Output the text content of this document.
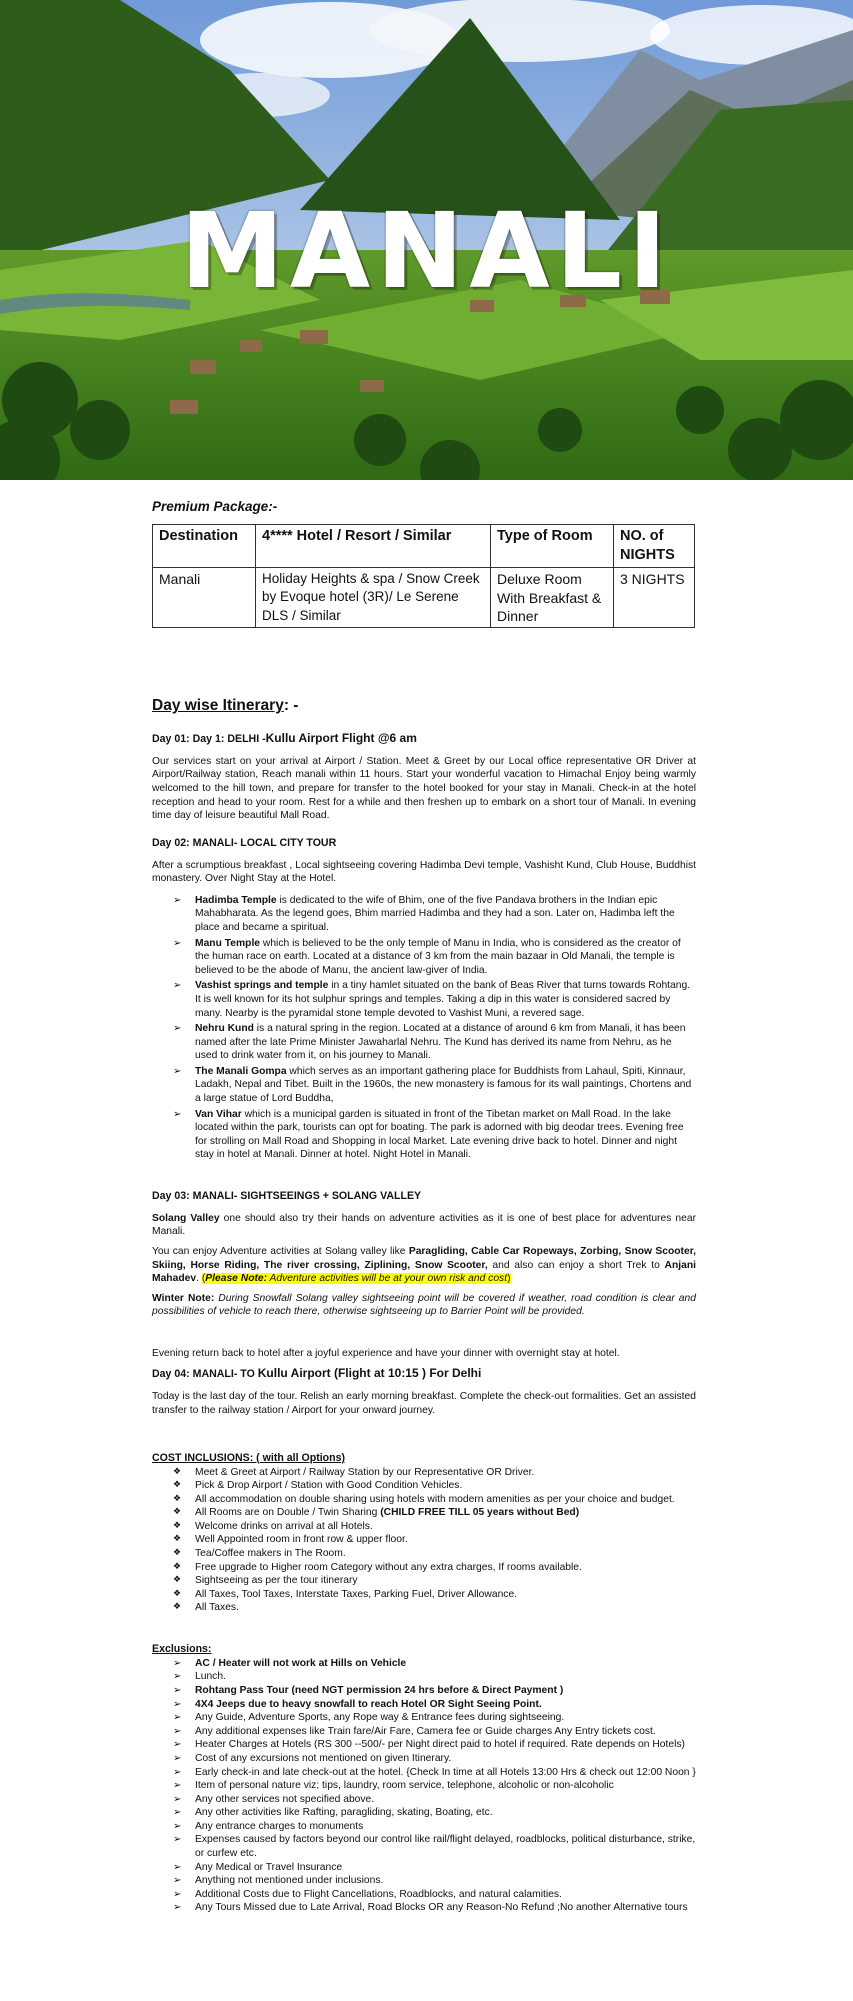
MANALI
Premium Package:-
Destination	4**** Hotel / Resort / Similar	Type of Room	NO. of NIGHTS
Manali	Holiday Heights & spa / Snow Creek by Evoque hotel (3R)/ Le Serene DLS / Similar	Deluxe Room With Breakfast & Dinner	3 NIGHTS
Day wise Itinerary: -
Day 01: Day 1: DELHI -Kullu Airport Flight @6 am

Our services start on your arrival at Airport / Station. Meet & Greet by our Local office representative OR Driver at Airport/Railway station, Reach manali within 11 hours. Start your wonderful vacation to Himachal Enjoy being warmly welcomed to the hill town, and prepare for transfer to the hotel booked for your stay in Manali. Check-in at the hotel reception and head to your room. Rest for a while and then freshen up to embark on a short tour of Manali. In evening time day of leisure beautiful Mall Road.

Day 02: MANALI- LOCAL CITY TOUR

After a scrumptious breakfast , Local sightseeing covering Hadimba Devi temple, Vashisht Kund, Club House, Buddhist monastery. Over Night Stay at the Hotel.

➢ Hadimba Temple is dedicated to the wife of Bhim, one of the five Pandava brothers in the Indian epic Mahabharata. As the legend goes, Bhim married Hadimba and they had a son. Later on, Hadimba left the place and became a spiritual.
➢ Manu Temple which is believed to be the only temple of Manu in India, who is considered as the creator of the human race on earth. Located at a distance of 3 km from the main bazaar in Old Manali, the temple is believed to be the abode of Manu, the ancient law-giver of India.
➢ Vashist springs and temple in a tiny hamlet situated on the bank of Beas River that turns towards Rohtang. It is well known for its hot sulphur springs and temples. Taking a dip in this water is considered sacred by many. Nearby is the pyramidal stone temple devoted to Vashist Muni, a revered sage.
➢ Nehru Kund is a natural spring in the region. Located at a distance of around 6 km from Manali, it has been named after the late Prime Minister Jawaharlal Nehru. The Kund has derived its name from Nehru, as he used to drink water from it, on his journey to Manali.
➢ The Manali Gompa which serves as an important gathering place for Buddhists from Lahaul, Spiti, Kinnaur, Ladakh, Nepal and Tibet. Built in the 1960s, the new monastery is famous for its wall paintings, Chortens and a large statue of Lord Buddha,
➢ Van Vihar which is a municipal garden is situated in front of the Tibetan market on Mall Road. In the lake located within the park, tourists can opt for boating. The park is adorned with big deodar trees. Evening free for strolling on Mall Road and Shopping in local Market. Late evening drive back to hotel. Dinner and night stay in hotel at Manali. Dinner at hotel. Night Hotel in Manali.
Day 03: MANALI- SIGHTSEEINGS + SOLANG VALLEY

Solang Valley one should also try their hands on adventure activities as it is one of best place for adventures near Manali.

You can enjoy Adventure activities at Solang valley like Paragliding, Cable Car Ropeways, Zorbing, Snow Scooter, Skiing, Horse Riding, The river crossing, Ziplining, Snow Scooter, and also can enjoy a short Trek to Anjani Mahadev. (Please Note: Adventure activities will be at your own risk and cost)

Winter Note: During Snowfall Solang valley sightseeing point will be covered if weather, road condition is clear and possibilities of vehicle to reach there, otherwise sightseeing up to Barrier Point will be provided.

Evening return back to hotel after a joyful experience and have your dinner with overnight stay at hotel.

Day 04: MANALI- TO Kullu Airport (Flight at 10:15 ) For Delhi

Today is the last day of the tour. Relish an early morning breakfast. Complete the check-out formalities. Get an assisted transfer to the railway station / Airport for your onward journey.

COST INCLUSIONS: ( with all Options)
❖ Meet & Greet at Airport / Railway Station by our Representative OR Driver.
❖ Pick & Drop Airport / Station with Good Condition Vehicles.
❖ All accommodation on double sharing using hotels with modern amenities as per your choice and budget.
❖ All Rooms are on Double / Twin Sharing (CHILD FREE TILL 05 years without Bed)
❖ Welcome drinks on arrival at all Hotels.
❖ Well Appointed room in front row & upper floor.
❖ Tea/Coffee makers in The Room.
❖ Free upgrade to Higher room Category without any extra charges, If rooms available.
❖ Sightseeing as per the tour itinerary
❖ All Taxes, Tool Taxes, Interstate Taxes, Parking Fuel, Driver Allowance.
❖ All Taxes.
Exclusions:
➢ AC / Heater will not work at Hills on Vehicle
➢ Lunch.
➢ Rohtang Pass Tour (need NGT permission 24 hrs before & Direct Payment )
➢ 4X4 Jeeps due to heavy snowfall to reach Hotel OR Sight Seeing Point.
➢ Any Guide, Adventure Sports, any Rope way & Entrance fees during sightseeing.
➢ Any additional expenses like Train fare/Air Fare, Camera fee or Guide charges Any Entry tickets cost.
➢ Heater Charges at Hotels (RS 300 --500/- per Night direct paid to hotel if required. Rate depends on Hotels)
➢ Cost of any excursions not mentioned on given Itinerary.
➢ Early check-in and late check-out at the hotel. {Check In time at all Hotels 13:00 Hrs & check out 12:00 Noon }
➢ Item of personal nature viz; tips, laundry, room service, telephone, alcoholic or non-alcoholic
➢ Any other services not specified above.
➢ Any other activities like Rafting, paragliding, skating, Boating, etc.
➢ Any entrance charges to monuments
➢ Expenses caused by factors beyond our control like rail/flight delayed, roadblocks, political disturbance, strike, or curfew etc.
➢ Any Medical or Travel Insurance
➢ Anything not mentioned under inclusions.
➢ Additional Costs due to Flight Cancellations, Roadblocks, and natural calamities.
➢ Any Tours Missed due to Late Arrival, Road Blocks OR any Reason-No Refund ;No another Alternative tours
